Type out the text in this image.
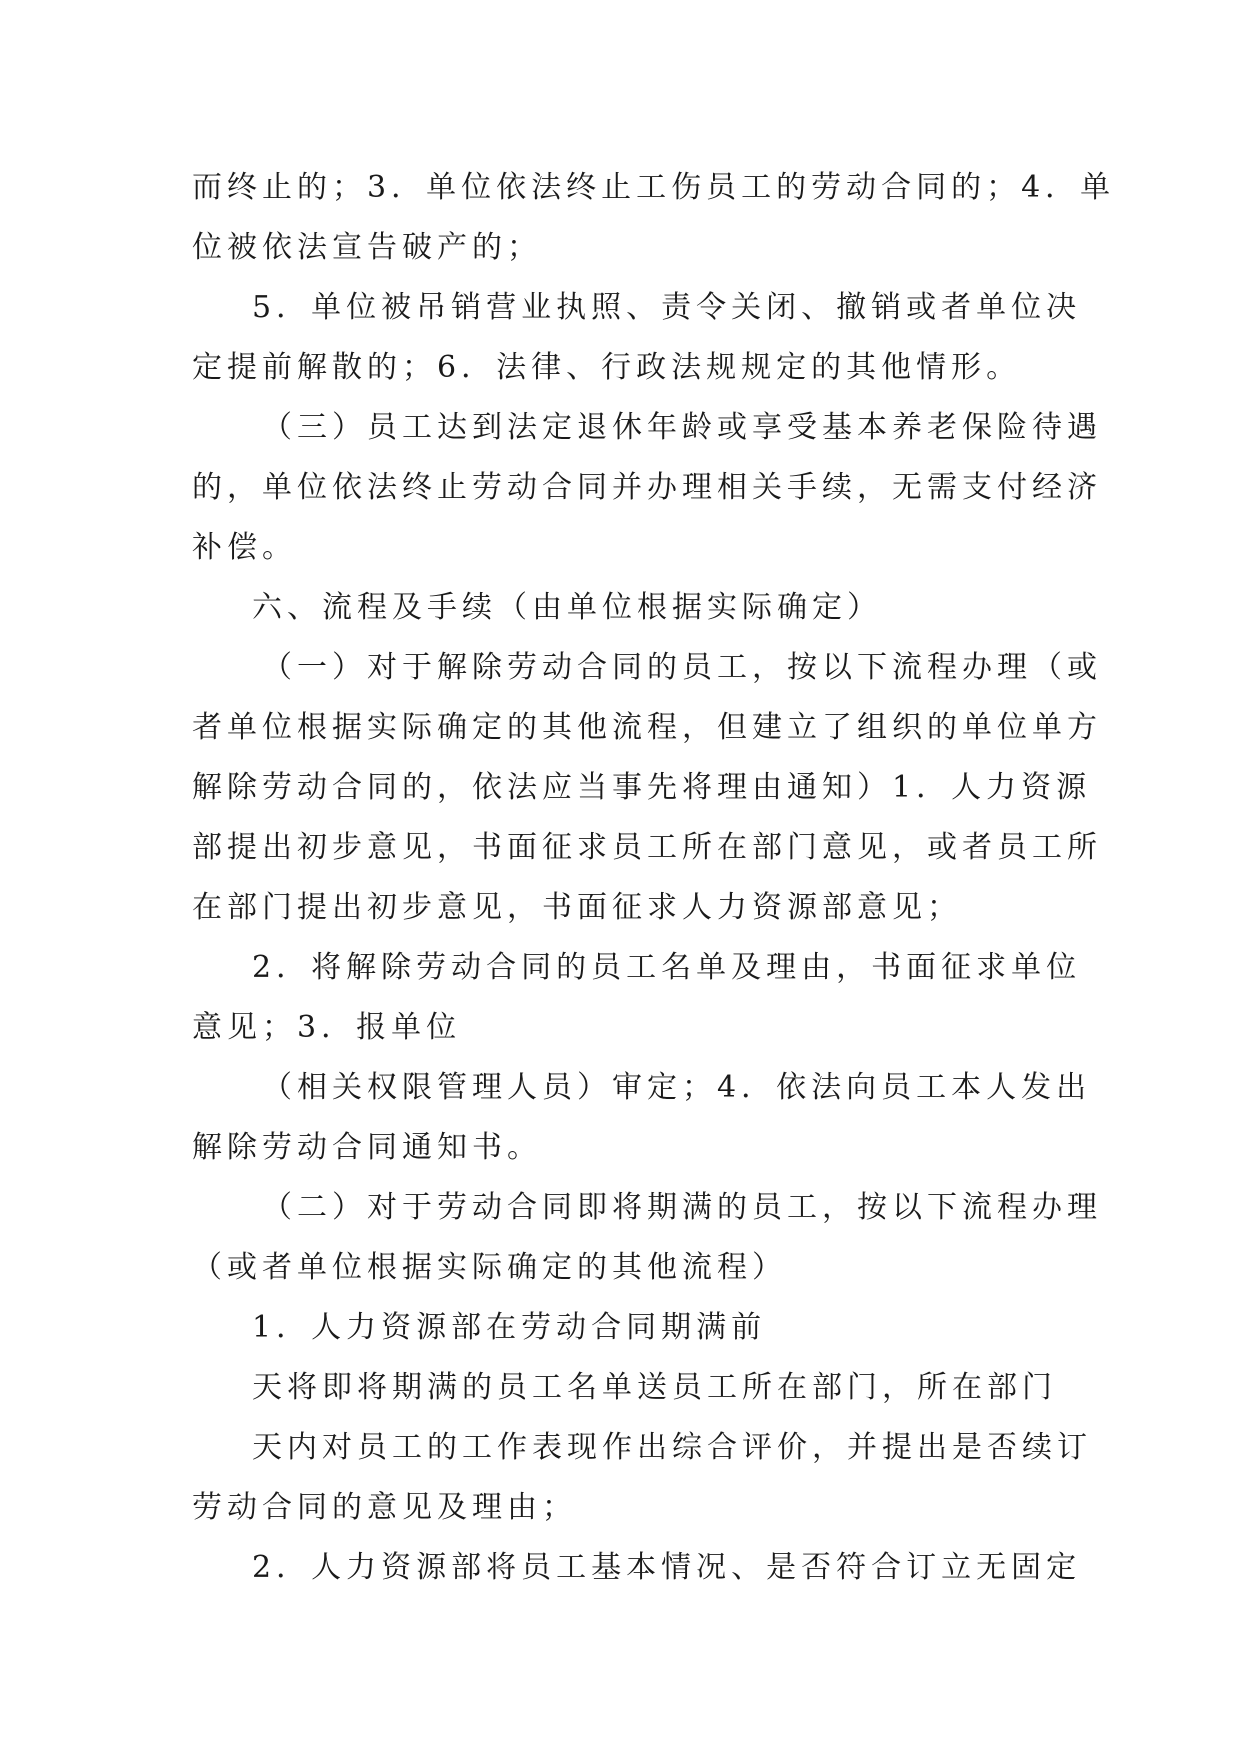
而终止的；3．单位依法终止工伤员工的劳动合同的；4．单
位被依法宣告破产的；
5．单位被吊销营业执照、责令关闭、撤销或者单位决
定提前解散的；6．法律、行政法规规定的其他情形。
（三）员工达到法定退休年龄或享受基本养老保险待遇
的，单位依法终止劳动合同并办理相关手续，无需支付经济
补偿。
六、流程及手续（由单位根据实际确定）
（一）对于解除劳动合同的员工，按以下流程办理（或
者单位根据实际确定的其他流程，但建立了组织的单位单方
解除劳动合同的，依法应当事先将理由通知）1．人力资源
部提出初步意见，书面征求员工所在部门意见，或者员工所
在部门提出初步意见，书面征求人力资源部意见；
2．将解除劳动合同的员工名单及理由，书面征求单位
意见；3．报单位
（相关权限管理人员）审定；4．依法向员工本人发出
解除劳动合同通知书。
（二）对于劳动合同即将期满的员工，按以下流程办理
（或者单位根据实际确定的其他流程）
1．人力资源部在劳动合同期满前
天将即将期满的员工名单送员工所在部门，所在部门
天内对员工的工作表现作出综合评价，并提出是否续订
劳动合同的意见及理由；
2．人力资源部将员工基本情况、是否符合订立无固定
